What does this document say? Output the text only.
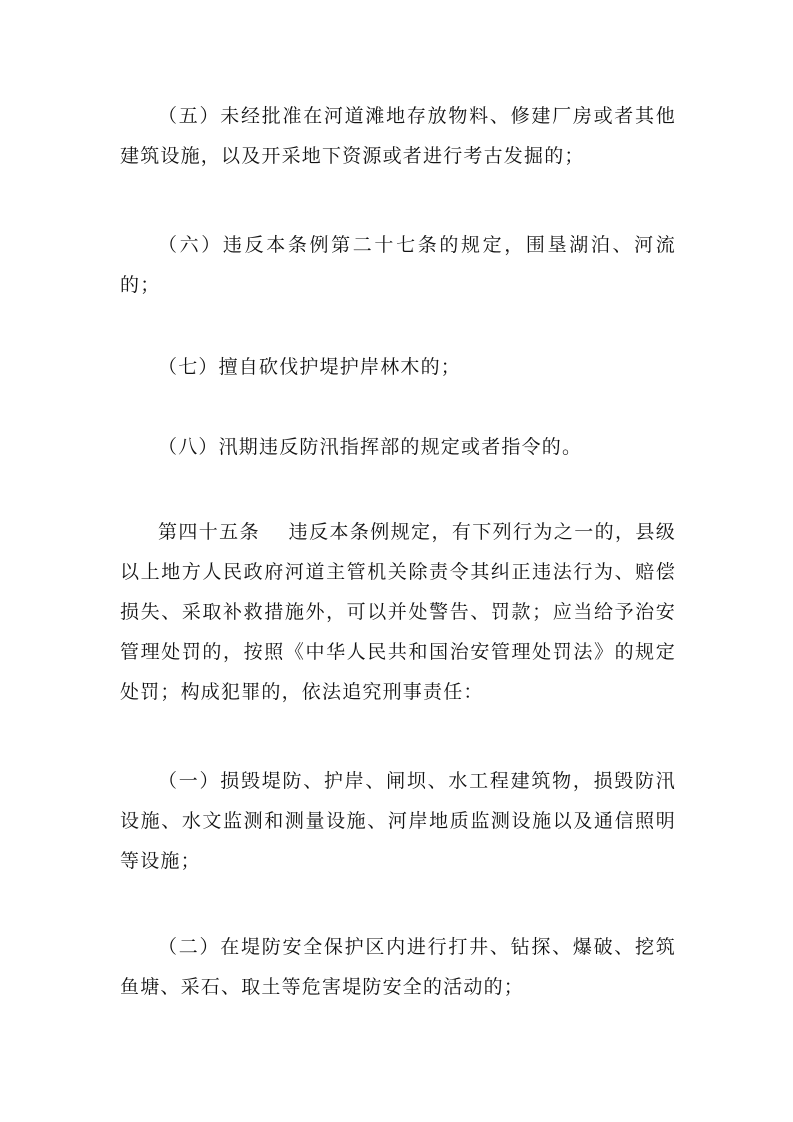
（五）未经批准在河道滩地存放物料、修建厂房或者其他建筑设施，以及开采地下资源或者进行考古发掘的；

（六）违反本条例第二十七条的规定，围垦湖泊、河流的；

（七）擅自砍伐护堤护岸林木的；

（八）汛期违反防汛指挥部的规定或者指令的。

第四十五条 违反本条例规定，有下列行为之一的，县级以上地方人民政府河道主管机关除责令其纠正违法行为、赔偿损失、采取补救措施外，可以并处警告、罚款；应当给予治安管理处罚的，按照《中华人民共和国治安管理处罚法》的规定处罚；构成犯罪的，依法追究刑事责任：

（一）损毁堤防、护岸、闸坝、水工程建筑物，损毁防汛设施、水文监测和测量设施、河岸地质监测设施以及通信照明等设施；

（二）在堤防安全保护区内进行打井、钻探、爆破、挖筑鱼塘、采石、取土等危害堤防安全的活动的；
